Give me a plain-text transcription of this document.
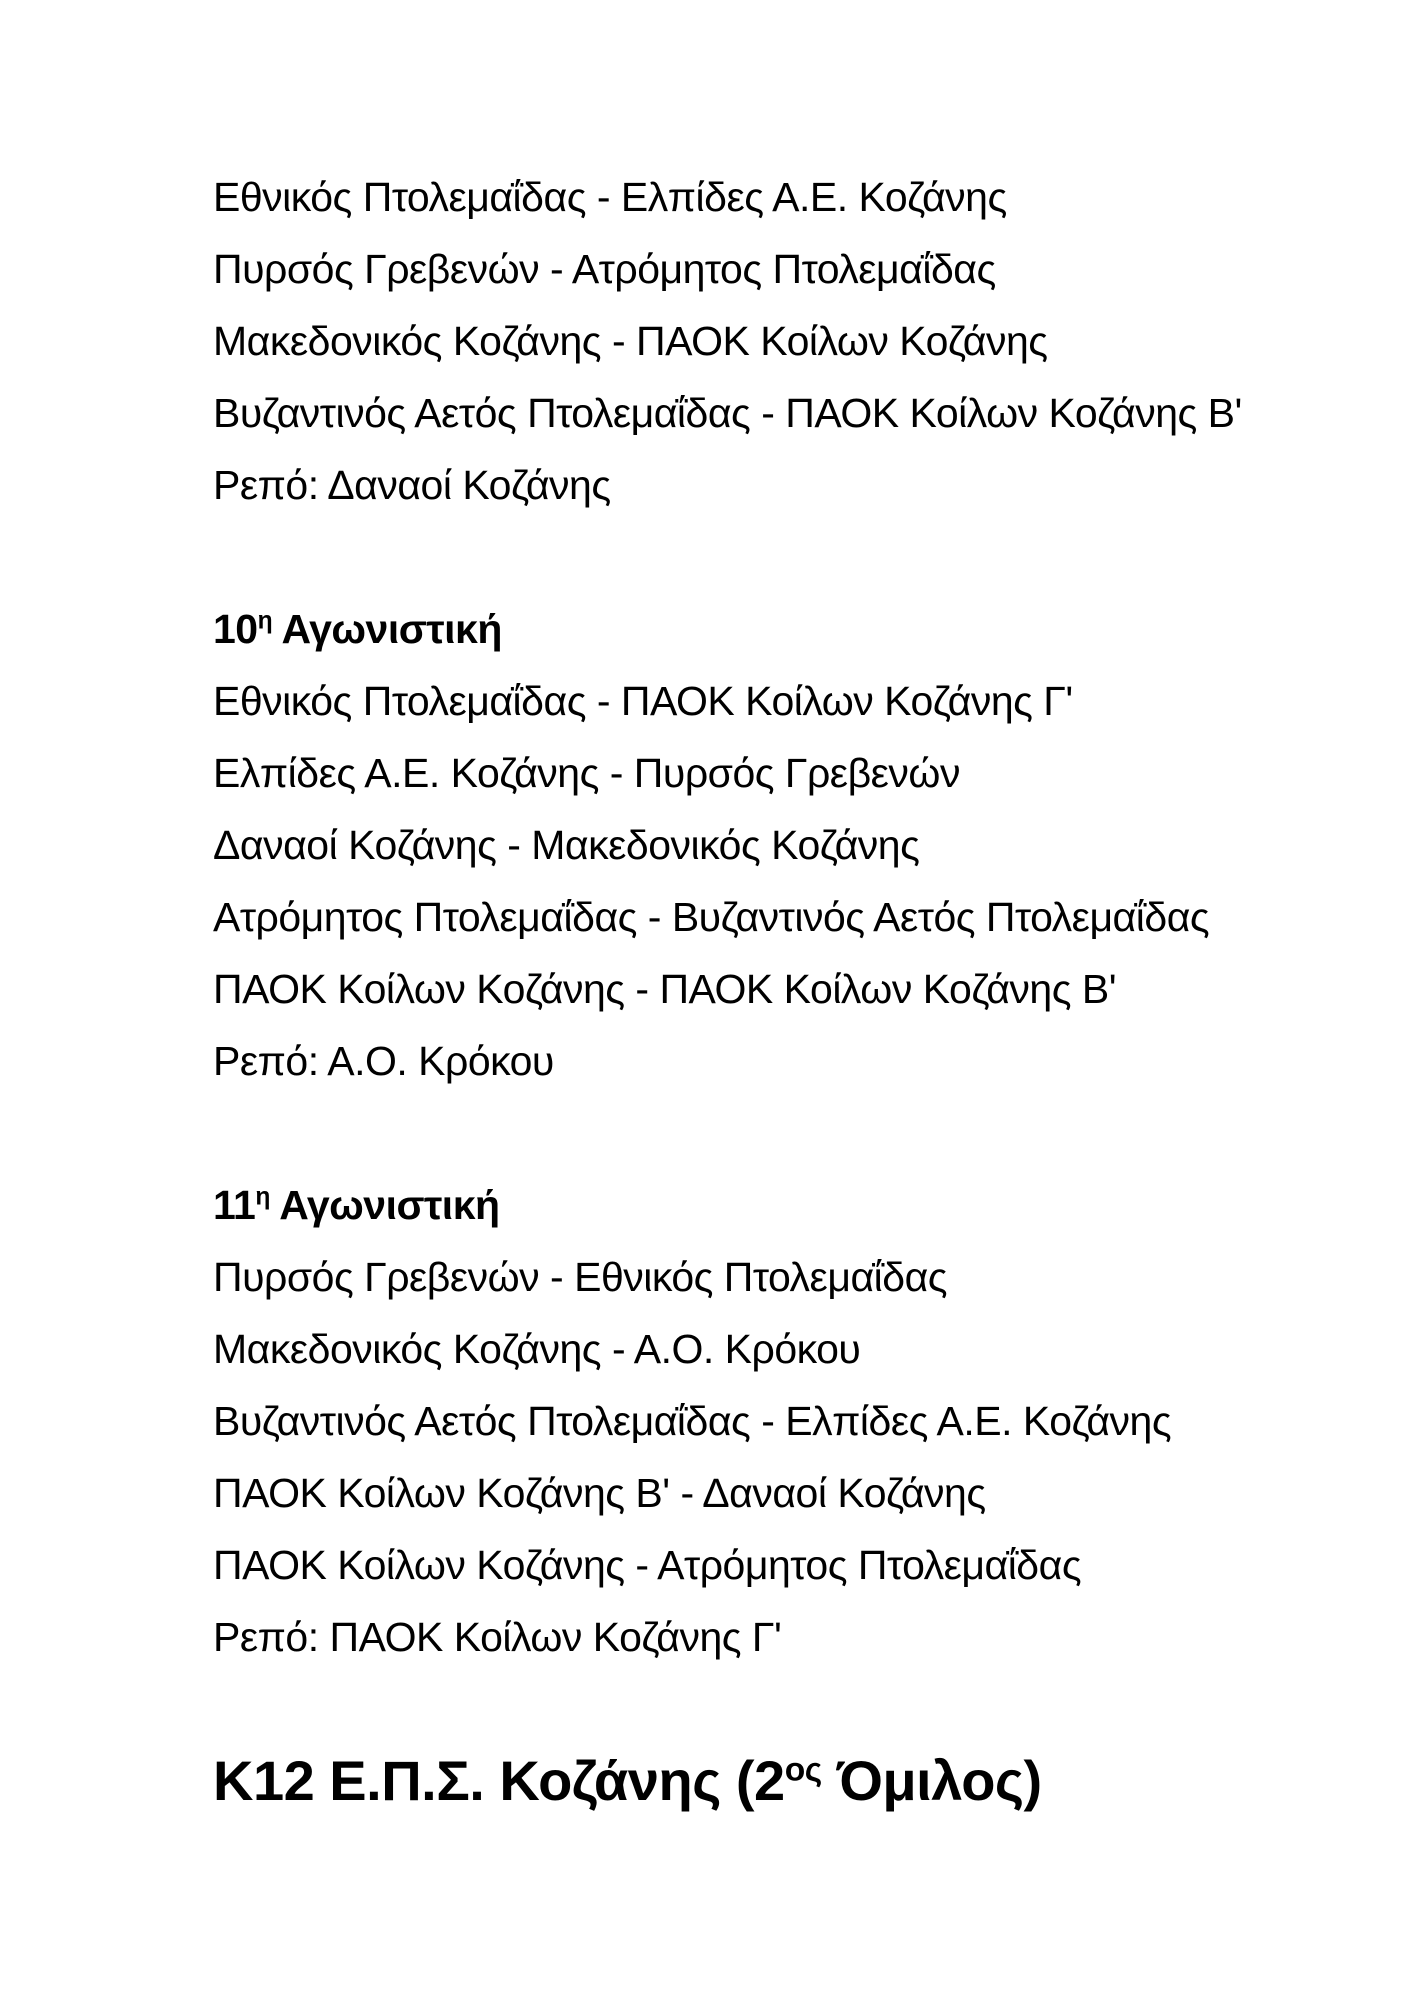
Εθνικός Πτολεμαΐδας - Ελπίδες Α.Ε. Κοζάνης

Πυρσός Γρεβενών - Ατρόμητος Πτολεμαΐδας

Μακεδονικός Κοζάνης - ΠΑΟΚ Κοίλων Κοζάνης

Βυζαντινός Αετός Πτολεμαΐδας - ΠΑΟΚ Κοίλων Κοζάνης Β'

Ρεπό: Δαναοί Κοζάνης

$10^\eta$ Αγωνιστική

Εθνικός Πτολεμαΐδας - ΠΑΟΚ Κοίλων Κοζάνης Γ'

Ελπίδες Α.Ε. Κοζάνης - Πυρσός Γρεβενών

Δαναοί Κοζάνης - Μακεδονικός Κοζάνης

Ατρόμητος Πτολεμαΐδας - Βυζαντινός Αετός Πτολεμαΐδας

ΠΑΟΚ Κοίλων Κοζάνης - ΠΑΟΚ Κοίλων Κοζάνης Β'

Ρεπό: Α.Ο. Κρόκου

$11^\eta$ Αγωνιστική

Πυρσός Γρεβενών - Εθνικός Πτολεμαΐδας

Μακεδονικός Κοζάνης - Α.Ο. Κρόκου

Βυζαντινός Αετός Πτολεμαΐδας - Ελπίδες Α.Ε. Κοζάνης

ΠΑΟΚ Κοίλων Κοζάνης Β' - Δαναοί Κοζάνης

ΠΑΟΚ Κοίλων Κοζάνης - Ατρόμητος Πτολεμαΐδας

Ρεπό: ΠΑΟΚ Κοίλων Κοζάνης Γ'

Κ12 Ε.Π.Σ. Κοζάνης ($2^{o\varsigma}$ Όμιλος)
